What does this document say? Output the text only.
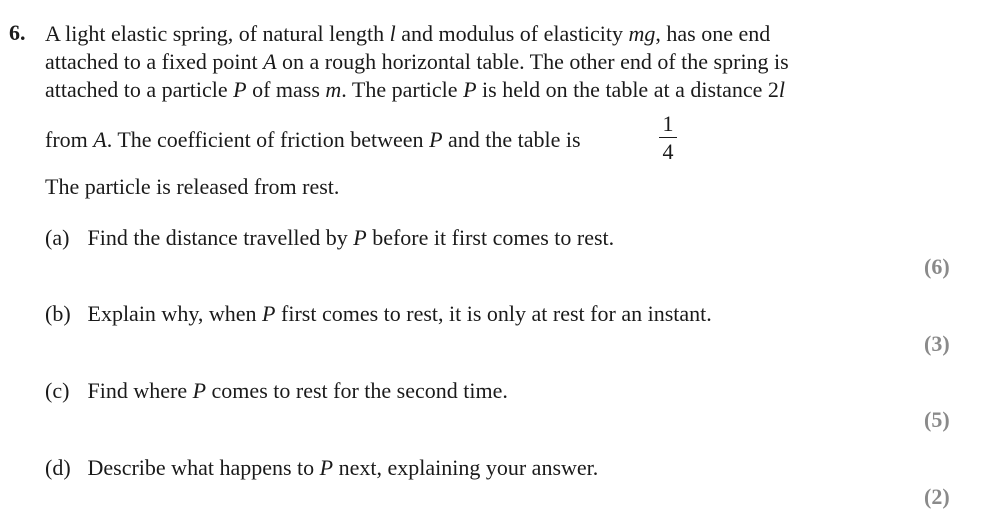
6. A light elastic spring, of natural length l and modulus of elasticity mg, has one end
attached to a fixed point A on a rough horizontal table. The other end of the spring is
attached to a particle P of mass m. The particle P is held on the table at a distance 2l
from A. The coefficient of friction between P and the table is
1
4
The particle is released from rest.
(a) Find the distance travelled by P before it first comes to rest.
(6)
(b) Explain why, when P first comes to rest, it is only at rest for an instant.
(3)
(c) Find where P comes to rest for the second time.
(5)
(d) Describe what happens to P next, explaining your answer.
(2)
